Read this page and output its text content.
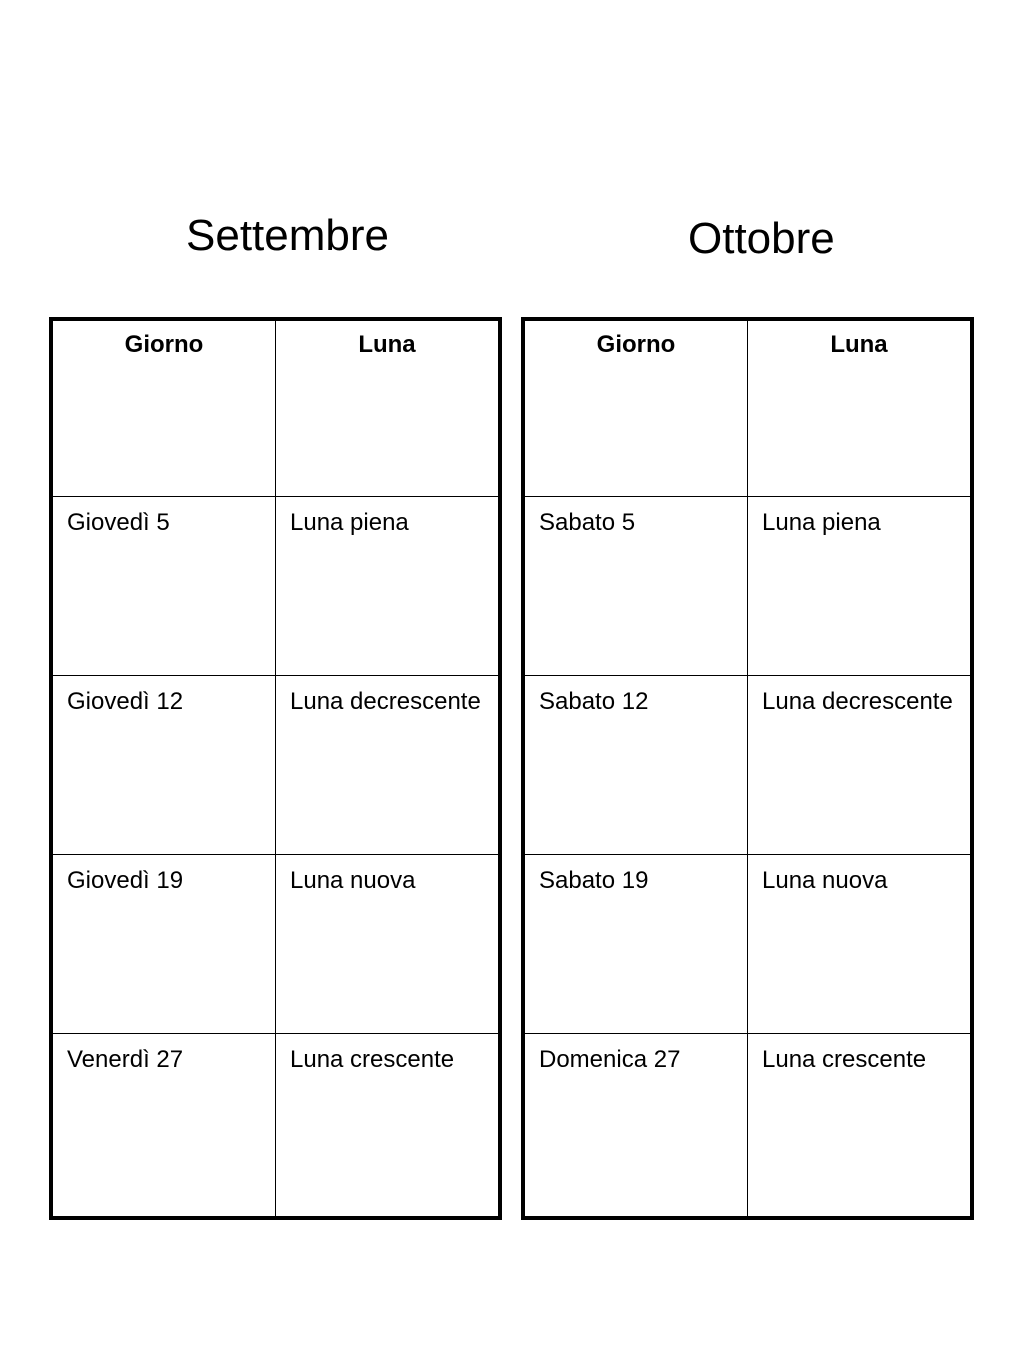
Settembre	Ottobre
Giorno	Luna
Giovedì 5	Luna piena
Giovedì 12	Luna decrescente
Giovedì 19	Luna nuova
Venerdì 27	Luna crescente
Giorno	Luna
Sabato 5	Luna piena
Sabato 12	Luna decrescente
Sabato 19	Luna nuova
Domenica 27	Luna crescente
